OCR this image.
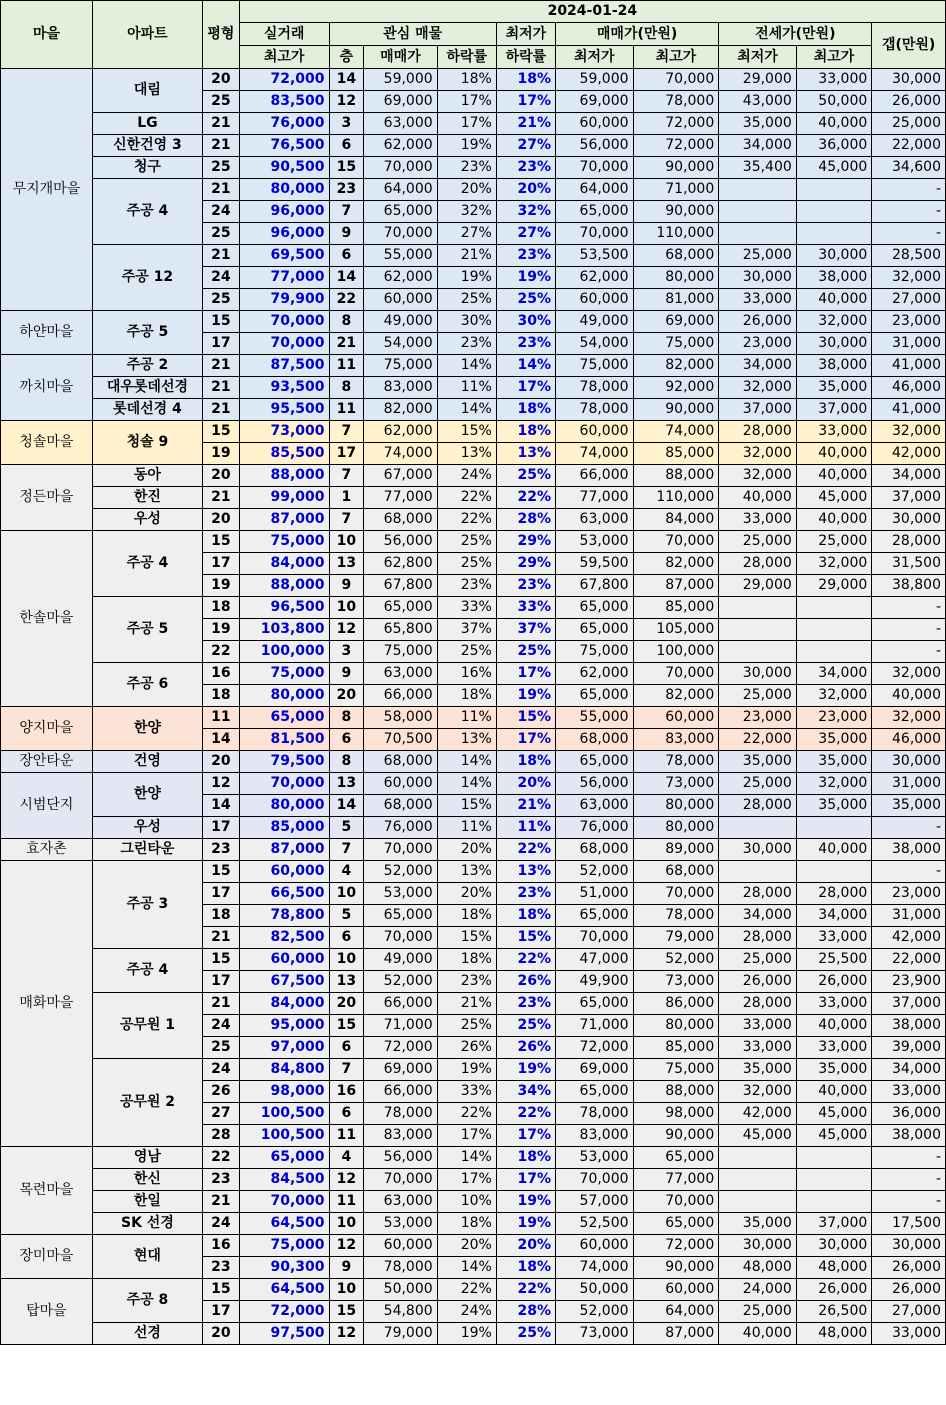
마을	아파트	평형	2024-01-24									
			실거래	관심 매물			최저가	매매가(만원)		전세가(만원)		갭(만원)
			최고가	층	매매가	하락률	하락률	최저가	최고가	최저가	최고가	
무지개마을	대림	20	72,000	14	59,000	18%	18%	59,000	70,000	29,000	33,000	30,000
		25	83,500	12	69,000	17%	17%	69,000	78,000	43,000	50,000	26,000
	LG	21	76,000	3	63,000	17%	21%	60,000	72,000	35,000	40,000	25,000
	신한건영 3	21	76,500	6	62,000	19%	27%	56,000	72,000	34,000	36,000	22,000
	청구	25	90,500	15	70,000	23%	23%	70,000	90,000	35,400	45,000	34,600
	주공 4	21	80,000	23	64,000	20%	20%	64,000	71,000			-
		24	96,000	7	65,000	32%	32%	65,000	90,000			-
		25	96,000	9	70,000	27%	27%	70,000	110,000			-
	주공 12	21	69,500	6	55,000	21%	23%	53,500	68,000	25,000	30,000	28,500
		24	77,000	14	62,000	19%	19%	62,000	80,000	30,000	38,000	32,000
		25	79,900	22	60,000	25%	25%	60,000	81,000	33,000	40,000	27,000
하얀마을	주공 5	15	70,000	8	49,000	30%	30%	49,000	69,000	26,000	32,000	23,000
		17	70,000	21	54,000	23%	23%	54,000	75,000	23,000	30,000	31,000
까치마을	주공 2	21	87,500	11	75,000	14%	14%	75,000	82,000	34,000	38,000	41,000
	대우롯데선경	21	93,500	8	83,000	11%	17%	78,000	92,000	32,000	35,000	46,000
	롯데선경 4	21	95,500	11	82,000	14%	18%	78,000	90,000	37,000	37,000	41,000
청솔마을	청솔 9	15	73,000	7	62,000	15%	18%	60,000	74,000	28,000	33,000	32,000
		19	85,500	17	74,000	13%	13%	74,000	85,000	32,000	40,000	42,000
정든마을	동아	20	88,000	7	67,000	24%	25%	66,000	88,000	32,000	40,000	34,000
	한진	21	99,000	1	77,000	22%	22%	77,000	110,000	40,000	45,000	37,000
	우성	20	87,000	7	68,000	22%	28%	63,000	84,000	33,000	40,000	30,000
한솔마을	주공 4	15	75,000	10	56,000	25%	29%	53,000	70,000	25,000	25,000	28,000
		17	84,000	13	62,800	25%	29%	59,500	82,000	28,000	32,000	31,500
		19	88,000	9	67,800	23%	23%	67,800	87,000	29,000	29,000	38,800
	주공 5	18	96,500	10	65,000	33%	33%	65,000	85,000			-
		19	103,800	12	65,800	37%	37%	65,000	105,000			-
		22	100,000	3	75,000	25%	25%	75,000	100,000			-
	주공 6	16	75,000	9	63,000	16%	17%	62,000	70,000	30,000	34,000	32,000
		18	80,000	20	66,000	18%	19%	65,000	82,000	25,000	32,000	40,000
양지마을	한양	11	65,000	8	58,000	11%	15%	55,000	60,000	23,000	23,000	32,000
		14	81,500	6	70,500	13%	17%	68,000	83,000	22,000	35,000	46,000
장안타운	건영	20	79,500	8	68,000	14%	18%	65,000	78,000	35,000	35,000	30,000
시범단지	한양	12	70,000	13	60,000	14%	20%	56,000	73,000	25,000	32,000	31,000
		14	80,000	14	68,000	15%	21%	63,000	80,000	28,000	35,000	35,000
	우성	17	85,000	5	76,000	11%	11%	76,000	80,000			-
효자촌	그린타운	23	87,000	7	70,000	20%	22%	68,000	89,000	30,000	40,000	38,000
매화마을	주공 3	15	60,000	4	52,000	13%	13%	52,000	68,000			-
		17	66,500	10	53,000	20%	23%	51,000	70,000	28,000	28,000	23,000
		18	78,800	5	65,000	18%	18%	65,000	78,000	34,000	34,000	31,000
		21	82,500	6	70,000	15%	15%	70,000	79,000	28,000	33,000	42,000
	주공 4	15	60,000	10	49,000	18%	22%	47,000	52,000	25,000	25,500	22,000
		17	67,500	13	52,000	23%	26%	49,900	73,000	26,000	26,000	23,900
	공무원 1	21	84,000	20	66,000	21%	23%	65,000	86,000	28,000	33,000	37,000
		24	95,000	15	71,000	25%	25%	71,000	80,000	33,000	40,000	38,000
		25	97,000	6	72,000	26%	26%	72,000	85,000	33,000	33,000	39,000
	공무원 2	24	84,800	7	69,000	19%	19%	69,000	75,000	35,000	35,000	34,000
		26	98,000	16	66,000	33%	34%	65,000	88,000	32,000	40,000	33,000
		27	100,500	6	78,000	22%	22%	78,000	98,000	42,000	45,000	36,000
		28	100,500	11	83,000	17%	17%	83,000	90,000	45,000	45,000	38,000
목련마을	영남	22	65,000	4	56,000	14%	18%	53,000	65,000			-
	한신	23	84,500	12	70,000	17%	17%	70,000	77,000			-
	한일	21	70,000	11	63,000	10%	19%	57,000	70,000			-
	SK 선경	24	64,500	10	53,000	18%	19%	52,500	65,000	35,000	37,000	17,500
장미마을	현대	16	75,000	12	60,000	20%	20%	60,000	72,000	30,000	30,000	30,000
		23	90,300	9	78,000	14%	18%	74,000	90,000	48,000	48,000	26,000
탑마을	주공 8	15	64,500	10	50,000	22%	22%	50,000	60,000	24,000	26,000	26,000
		17	72,000	15	54,800	24%	28%	52,000	64,000	25,000	26,500	27,000
	선경	20	97,500	12	79,000	19%	25%	73,000	87,000	40,000	48,000	33,000
